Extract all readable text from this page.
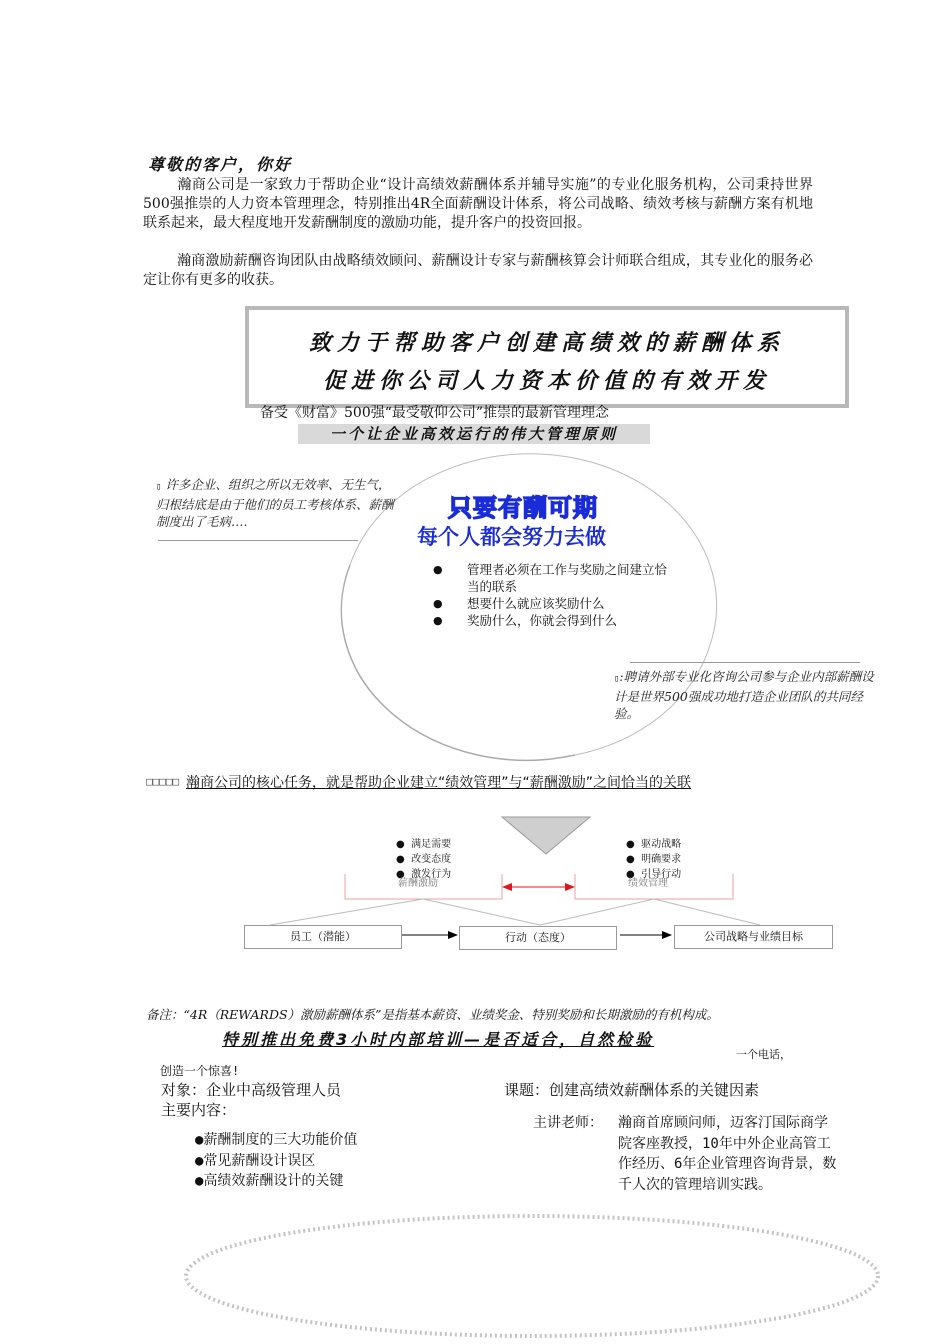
尊敬的客户，你好
瀚商公司是一家致力于帮助企业“设计高绩效薪酬体系并辅导实施”的专业化服务机构，公司秉持世界500强推崇的人力资本管理理念，特别推出4R全面薪酬设计体系，将公司战略、绩效考核与薪酬方案有机地联系起来，最大程度地开发薪酬制度的激励功能，提升客户的投资回报。
瀚商激励薪酬咨询团队由战略绩效顾问、薪酬设计专家与薪酬核算会计师联合组成，其专业化的服务必定让你有更多的收获。
致力于帮助客户创建高绩效的薪酬体系
促进你公司人力资本价值的有效开发
备受《财富》500强“最受敬仰公司”推崇的最新管理理念
一个让企业高效运行的伟大管理原则
▯ 许多企业、组织之所以无效率、无生气，归根结底是由于他们的员工考核体系、薪酬制度出了毛病….	只要有酬可期
每个人都会努力去做
● 管理者必须在工作与奖励之间建立恰当的联系
● 想要什么就应该奖励什么
● 奖励什么，你就会得到什么
▯:聘请外部专业化咨询公司参与企业内部薪酬设计是世界500强成功地打造企业团队的共同经验。
□□□□□ 瀚商公司的核心任务，就是帮助企业建立“绩效管理”与“薪酬激励”之间恰当的关联
● 满足需要
● 改变态度
● 激发行为
● 驱动战略
● 明确要求
● 引导行动
薪酬激励	绩效管理
员工（潜能）	行动（态度）	公司战略与业绩目标
备注：“4R（REWARDS）激励薪酬体系”是指基本薪资、业绩奖金、特别奖励和长期激励的有机构成。
特别推出免费3小时内部培训—是否适合，自然检验
一个电话，
创造一个惊喜!
对象：企业中高级管理人员	课题：创建高绩效薪酬体系的关键因素
主要内容：
●薪酬制度的三大功能价值
●常见薪酬设计误区
●高绩效薪酬设计的关键
主讲老师： 瀚商首席顾问师，迈客汀国际商学
院客座教授，10年中外企业高管工
作经历、6年企业管理咨询背景，数
千人次的管理培训实践。
